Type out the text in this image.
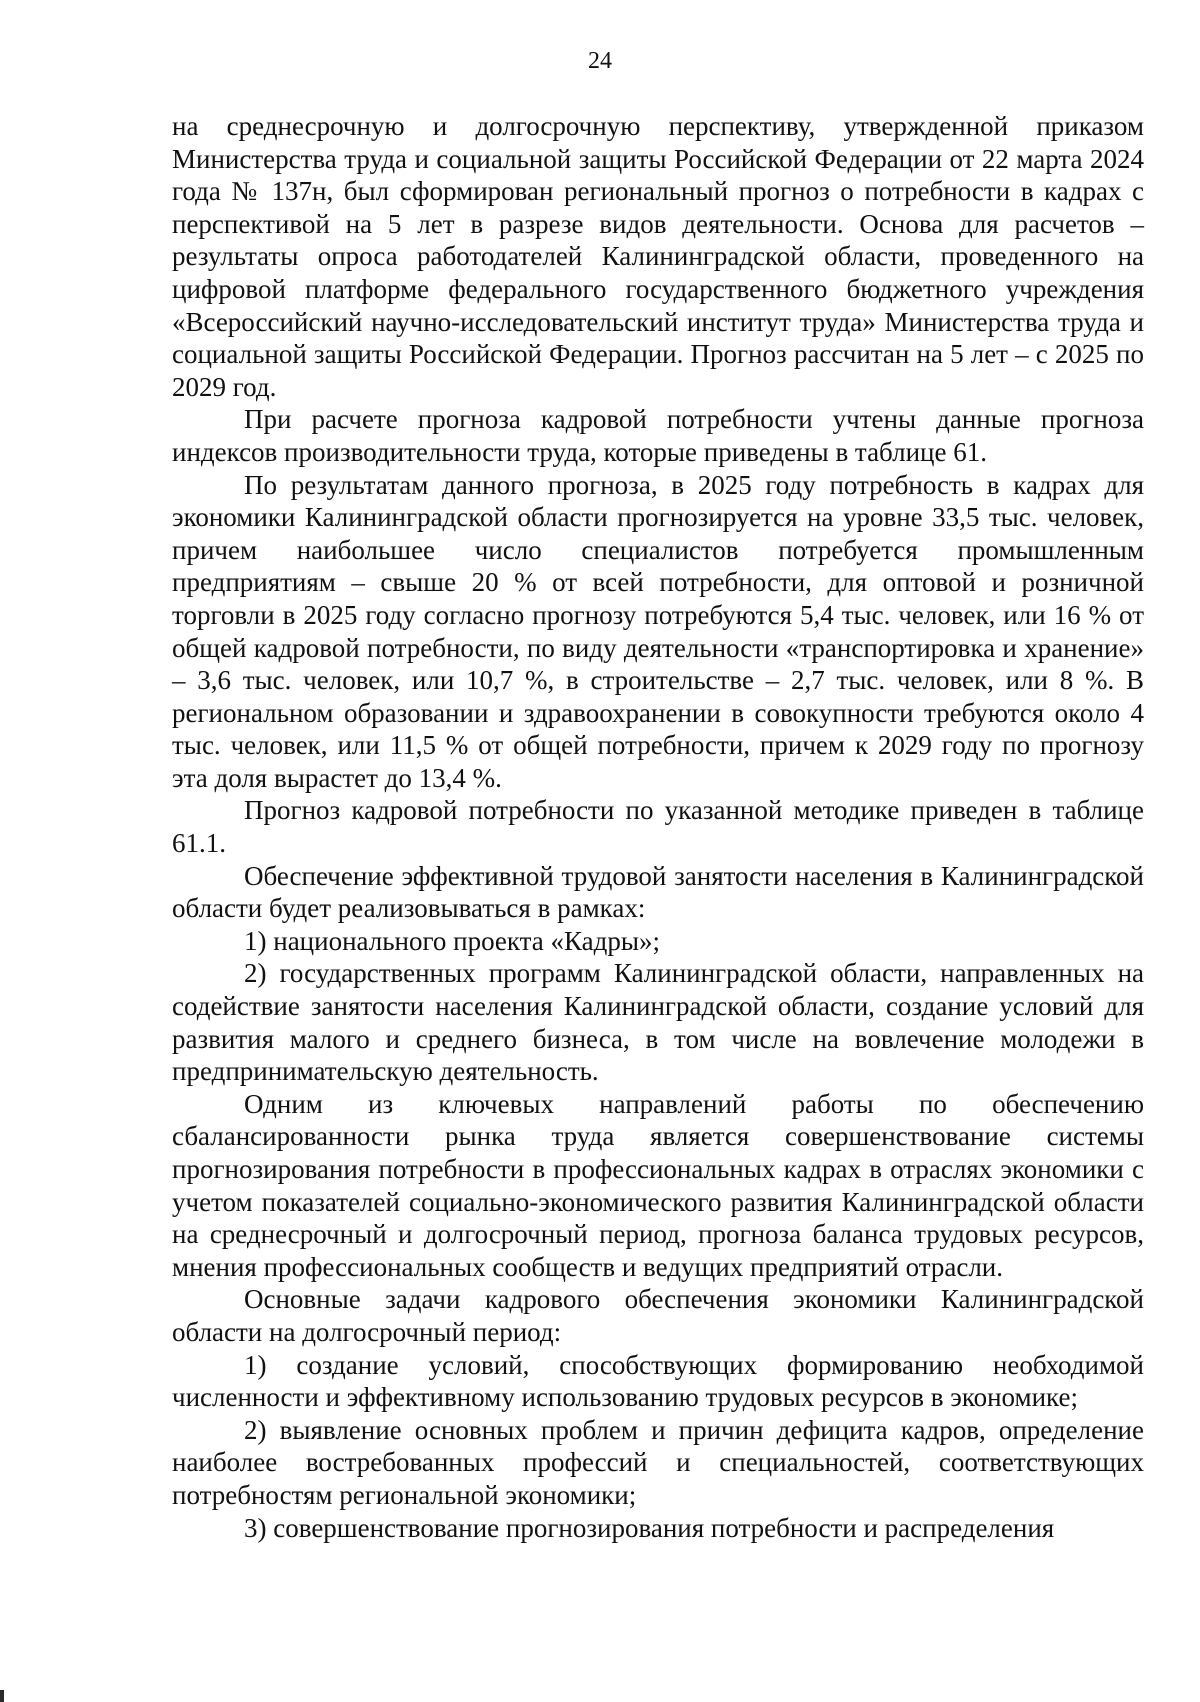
24

на среднесрочную и долгосрочную перспективу, утвержденной приказом Министерства труда и социальной защиты Российской Федерации от 22 марта 2024 года № 137н, был сформирован региональный прогноз о потребности в кадрах с перспективой на 5 лет в разрезе видов деятельности. Основа для расчетов – результаты опроса работодателей Калининградской области, проведенного на цифровой платформе федерального государственного бюджетного учреждения «Всероссийский научно-исследовательский институт труда» Министерства труда и социальной защиты Российской Федерации. Прогноз рассчитан на 5 лет – с 2025 по 2029 год.

При расчете прогноза кадровой потребности учтены данные прогноза индексов производительности труда, которые приведены в таблице 61.

По результатам данного прогноза, в 2025 году потребность в кадрах для экономики Калининградской области прогнозируется на уровне 33,5 тыс. человек, причем наибольшее число специалистов потребуется промышленным предприятиям – свыше 20 % от всей потребности, для оптовой и розничной торговли в 2025 году согласно прогнозу потребуются 5,4 тыс. человек, или 16 % от общей кадровой потребности, по виду деятельности «транспортировка и хранение» – 3,6 тыс. человек, или 10,7 %, в строительстве – 2,7 тыс. человек, или 8 %. В региональном образовании и здравоохранении в совокупности требуются около 4 тыс. человек, или 11,5 % от общей потребности, причем к 2029 году по прогнозу эта доля вырастет до 13,4 %.

Прогноз кадровой потребности по указанной методике приведен в таблице 61.1.

Обеспечение эффективной трудовой занятости населения в Калининградской области будет реализовываться в рамках:

1) национального проекта «Кадры»;

2) государственных программ Калининградской области, направленных на содействие занятости населения Калининградской области, создание условий для развития малого и среднего бизнеса, в том числе на вовлечение молодежи в предпринимательскую деятельность.

Одним из ключевых направлений работы по обеспечению сбалансированности рынка труда является совершенствование системы прогнозирования потребности в профессиональных кадрах в отраслях экономики с учетом показателей социально-экономического развития Калининградской области на среднесрочный и долгосрочный период, прогноза баланса трудовых ресурсов, мнения профессиональных сообществ и ведущих предприятий отрасли.

Основные задачи кадрового обеспечения экономики Калининградской области на долгосрочный период:

1) создание условий, способствующих формированию необходимой численности и эффективному использованию трудовых ресурсов в экономике;

2) выявление основных проблем и причин дефицита кадров, определение наиболее востребованных профессий и специальностей, соответствующих потребностям региональной экономики;

3) совершенствование прогнозирования потребности и распределения
